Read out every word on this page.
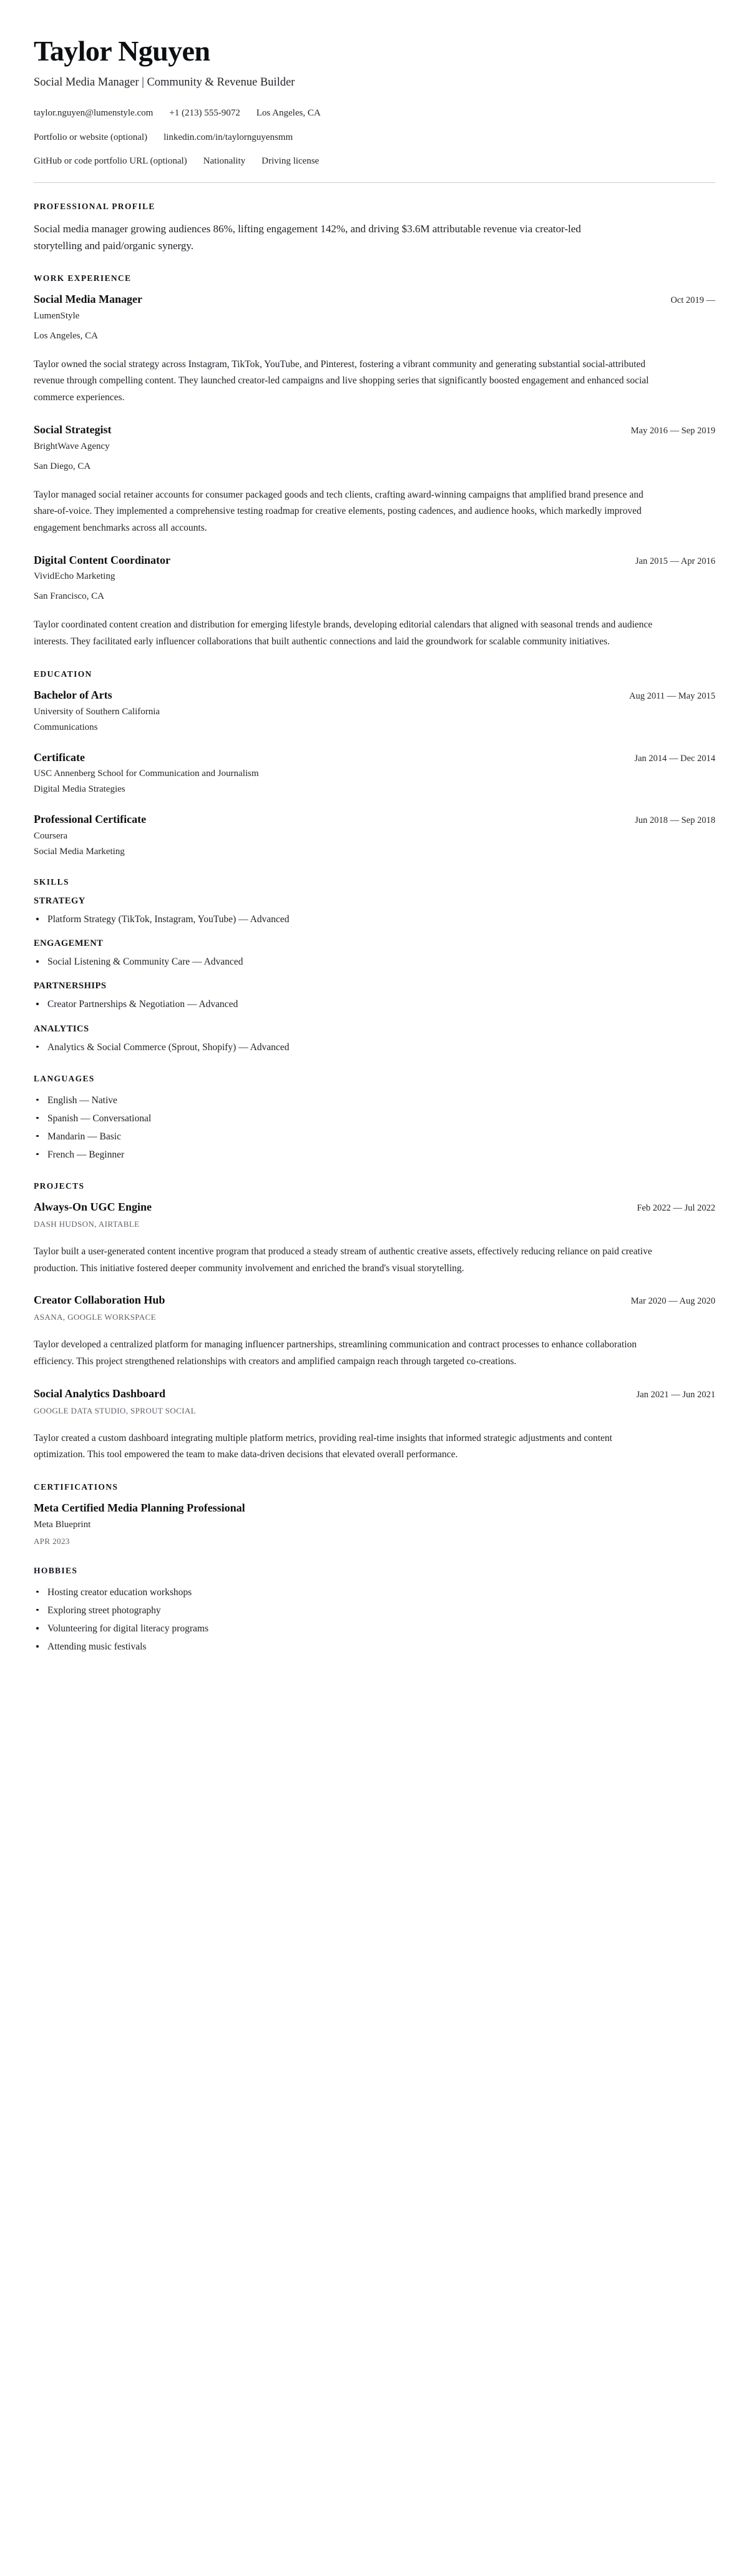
Taylor Nguyen

Social Media Manager | Community & Revenue Builder

taylor.nguyen@lumenstyle.com +1 (213) 555-9072 Los Angeles, CA
Portfolio or website (optional) linkedin.com/in/taylornguyensmm
GitHub or code portfolio URL (optional) Nationality Driving license
PROFESSIONAL PROFILE

Social media manager growing audiences 86%, lifting engagement 142%, and driving $3.6M attributable revenue via creator-led storytelling and paid/organic synergy.

WORK EXPERIENCE
Social Media Manager	Oct 2019 —

LumenStyle

Los Angeles, CA

Taylor owned the social strategy across Instagram, TikTok, YouTube, and Pinterest, fostering a vibrant community and generating substantial social-attributed revenue through compelling content. They launched creator-led campaigns and live shopping series that significantly boosted engagement and enhanced social commerce experiences.

Social Strategist	May 2016 — Sep 2019

BrightWave Agency

San Diego, CA

Taylor managed social retainer accounts for consumer packaged goods and tech clients, crafting award-winning campaigns that amplified brand presence and share-of-voice. They implemented a comprehensive testing roadmap for creative elements, posting cadences, and audience hooks, which markedly improved engagement benchmarks across all accounts.

Digital Content Coordinator	Jan 2015 — Apr 2016

VividEcho Marketing

San Francisco, CA

Taylor coordinated content creation and distribution for emerging lifestyle brands, developing editorial calendars that aligned with seasonal trends and audience interests. They facilitated early influencer collaborations that built authentic connections and laid the groundwork for scalable community initiatives.

EDUCATION
Bachelor of Arts	Aug 2011 — May 2015

University of Southern California

Communications

Certificate	Jan 2014 — Dec 2014

USC Annenberg School for Communication and Journalism

Digital Media Strategies

Professional Certificate	Jun 2018 — Sep 2018

Coursera

Social Media Marketing

SKILLS
STRATEGY
Platform Strategy (TikTok, Instagram, YouTube) — Advanced
ENGAGEMENT
Social Listening & Community Care — Advanced
PARTNERSHIPS
Creator Partnerships & Negotiation — Advanced
ANALYTICS
Analytics & Social Commerce (Sprout, Shopify) — Advanced
LANGUAGES
English — Native
Spanish — Conversational
Mandarin — Basic
French — Beginner
PROJECTS
Always-On UGC Engine	Feb 2022 — Jul 2022

DASH HUDSON, AIRTABLE

Taylor built a user-generated content incentive program that produced a steady stream of authentic creative assets, effectively reducing reliance on paid creative production. This initiative fostered deeper community involvement and enriched the brand's visual storytelling.

Creator Collaboration Hub	Mar 2020 — Aug 2020

ASANA, GOOGLE WORKSPACE

Taylor developed a centralized platform for managing influencer partnerships, streamlining communication and contract processes to enhance collaboration efficiency. This project strengthened relationships with creators and amplified campaign reach through targeted co-creations.

Social Analytics Dashboard	Jan 2021 — Jun 2021

GOOGLE DATA STUDIO, SPROUT SOCIAL

Taylor created a custom dashboard integrating multiple platform metrics, providing real-time insights that informed strategic adjustments and content optimization. This tool empowered the team to make data-driven decisions that elevated overall performance.

CERTIFICATIONS
Meta Certified Media Planning Professional

Meta Blueprint

APR 2023

HOBBIES
Hosting creator education workshops
Exploring street photography
Volunteering for digital literacy programs
Attending music festivals
